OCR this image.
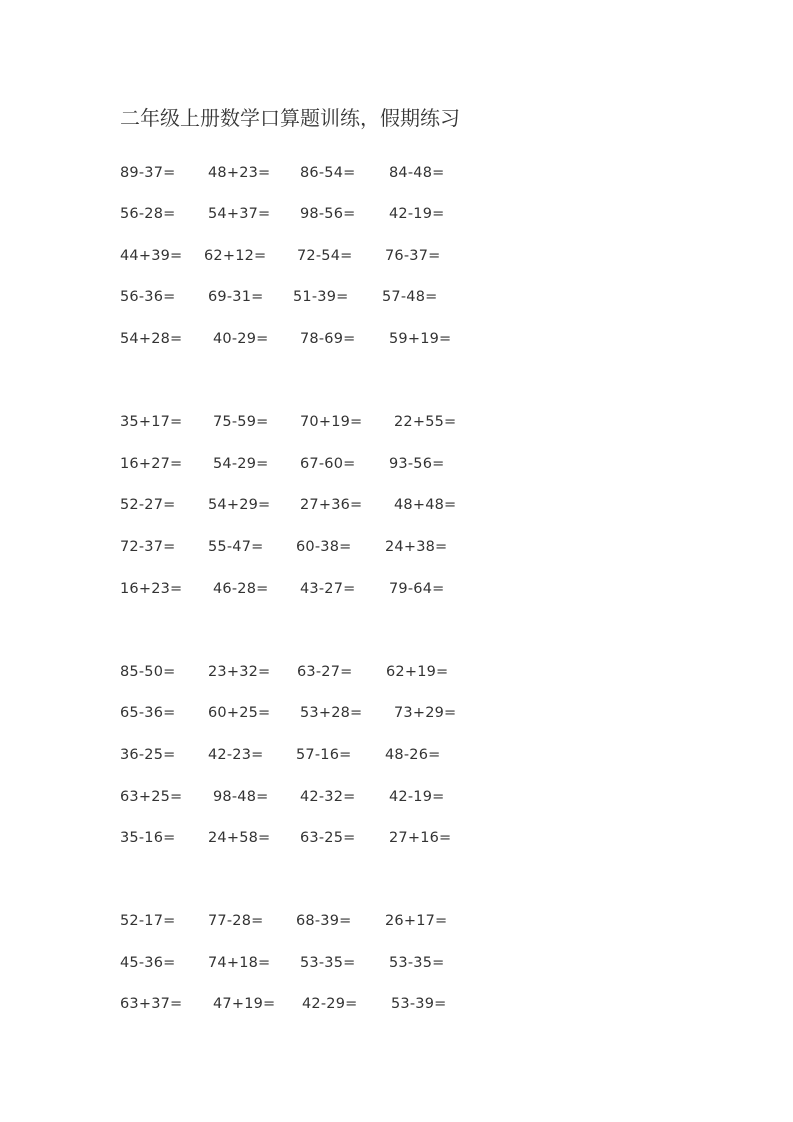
二年级上册数学口算题训练，假期练习
89-37= 48+23= 86-54= 84-48=
56-28= 54+37= 98-56= 42-19=
44+39= 62+12= 72-54= 76-37=
56-36= 69-31= 51-39= 57-48=
54+28= 40-29= 78-69= 59+19=
35+17= 75-59= 70+19= 22+55=
16+27= 54-29= 67-60= 93-56=
52-27= 54+29= 27+36= 48+48=
72-37= 55-47= 60-38= 24+38=
16+23= 46-28= 43-27= 79-64=
85-50= 23+32= 63-27= 62+19=
65-36= 60+25= 53+28= 73+29=
36-25= 42-23= 57-16= 48-26=
63+25= 98-48= 42-32= 42-19=
35-16= 24+58= 63-25= 27+16=
52-17= 77-28= 68-39= 26+17=
45-36= 74+18= 53-35= 53-35=
63+37= 47+19= 42-29= 53-39=
